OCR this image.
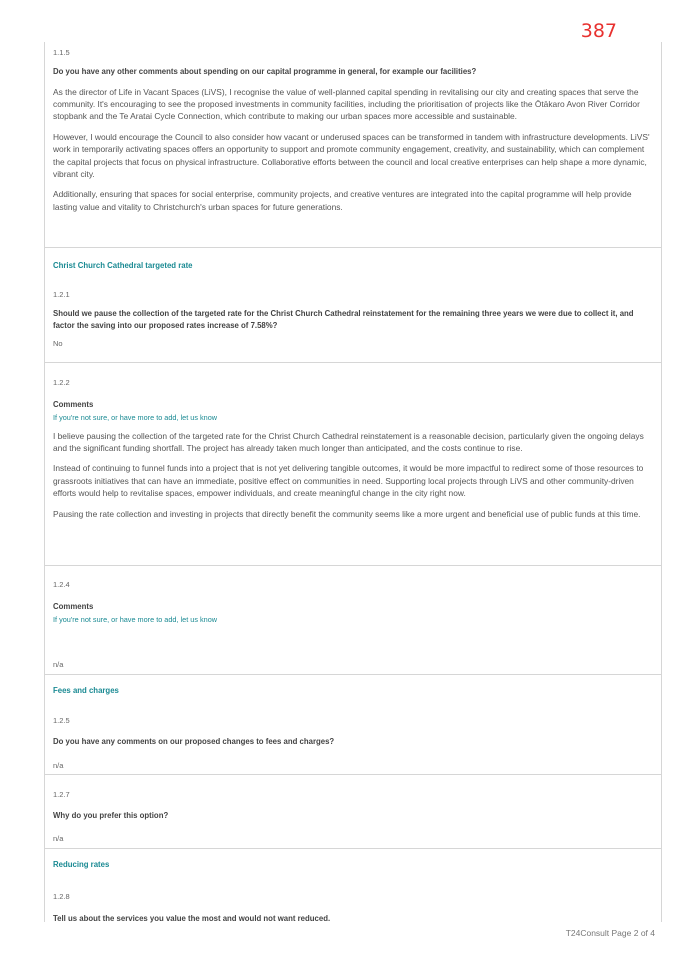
387
1.1.5
Do you have any other comments about spending on our capital programme in general, for example our facilities?
As the director of Life in Vacant Spaces (LiVS), I recognise the value of well-planned capital spending in revitalising our city and creating spaces that serve the community. It's encouraging to see the proposed investments in community facilities, including the prioritisation of projects like the Ōtākaro Avon River Corridor stopbank and the Te Aratai Cycle Connection, which contribute to making our urban spaces more accessible and sustainable.
However, I would encourage the Council to also consider how vacant or underused spaces can be transformed in tandem with infrastructure developments. LiVS' work in temporarily activating spaces offers an opportunity to support and promote community engagement, creativity, and sustainability, which can complement the capital projects that focus on physical infrastructure. Collaborative efforts between the council and local creative enterprises can help shape a more dynamic, vibrant city.
Additionally, ensuring that spaces for social enterprise, community projects, and creative ventures are integrated into the capital programme will help provide lasting value and vitality to Christchurch's urban spaces for future generations.
Christ Church Cathedral targeted rate
1.2.1
Should we pause the collection of the targeted rate for the Christ Church Cathedral reinstatement for the remaining three years we were due to collect it, and factor the saving into our proposed rates increase of 7.58%?
No
1.2.2
Comments
If you're not sure, or have more to add, let us know
I believe pausing the collection of the targeted rate for the Christ Church Cathedral reinstatement is a reasonable decision, particularly given the ongoing delays and the significant funding shortfall. The project has already taken much longer than anticipated, and the costs continue to rise.
Instead of continuing to funnel funds into a project that is not yet delivering tangible outcomes, it would be more impactful to redirect some of those resources to grassroots initiatives that can have an immediate, positive effect on communities in need. Supporting local projects through LiVS and other community-driven efforts would help to revitalise spaces, empower individuals, and create meaningful change in the city right now.
Pausing the rate collection and investing in projects that directly benefit the community seems like a more urgent and beneficial use of public funds at this time.
1.2.4
Comments
If you're not sure, or have more to add, let us know
n/a
Fees and charges
1.2.5
Do you have any comments on our proposed changes to fees and charges?
n/a
1.2.7
Why do you prefer this option?
n/a
Reducing rates
1.2.8
Tell us about the services you value the most and would not want reduced.
T24Consult Page 2 of 4
